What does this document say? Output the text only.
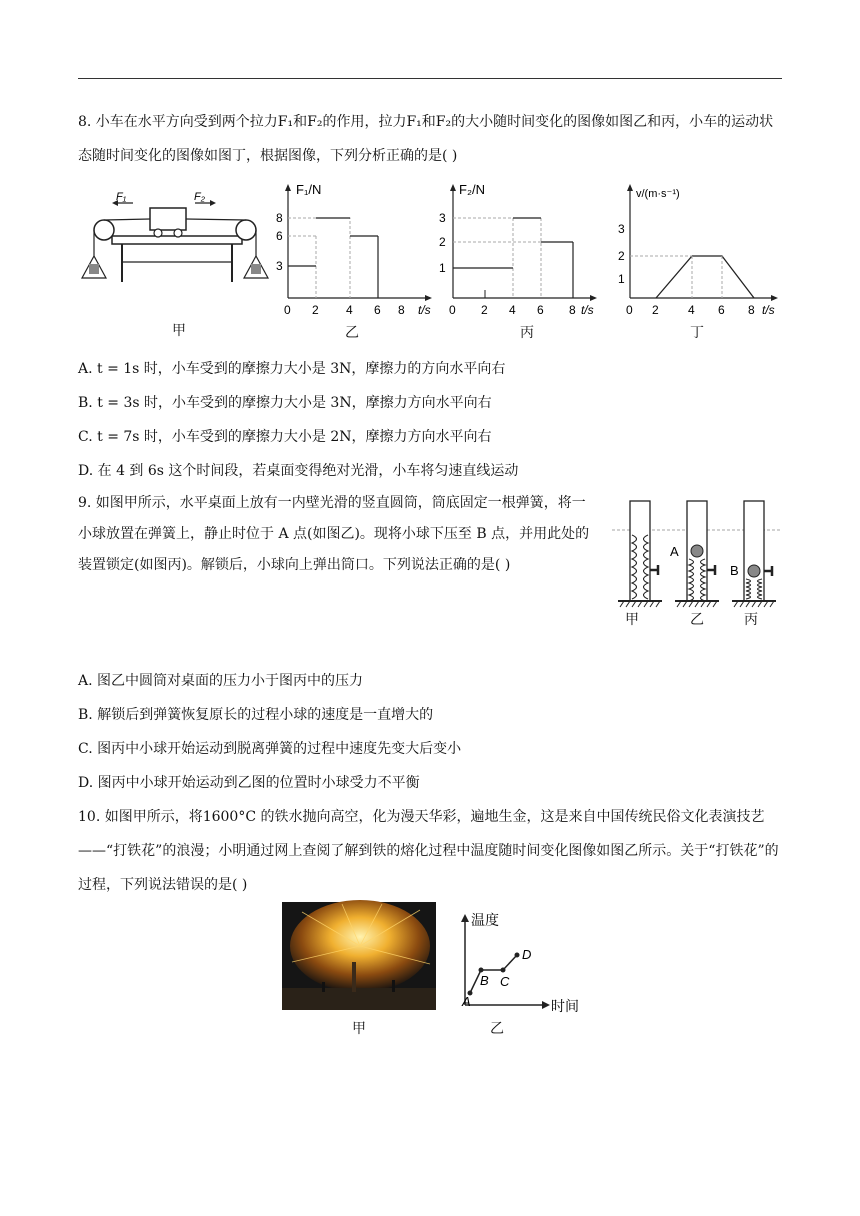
8. 小车在水平方向受到两个拉力F₁和F₂的作用，拉力F₁和F₂的大小随时间变化的图像如图乙和丙，小车的运动状态随时间变化的图像如图丁，根据图像，下列分析正确的是( )

F₁	F₂
甲
F₁/N
8
6
3
0 2 4 6 8 t/s
乙
F₂/N
3
2
1
0 2 4 6 8 t/s
丙
v/(m·s⁻¹)
3
2
1
0 2 4 6 8 t/s
丁
A. t = 1s 时，小车受到的摩擦力大小是 3N，摩擦力的方向水平向右
B. t = 3s 时，小车受到的摩擦力大小是 3N，摩擦力方向水平向右
C. t = 7s 时，小车受到的摩擦力大小是 2N，摩擦力方向水平向右
D. 在 4 到 6s 这个时间段，若桌面变得绝对光滑，小车将匀速直线运动

9. 如图甲所示，水平桌面上放有一内壁光滑的竖直圆筒，筒底固定一根弹簧，将一小球放置在弹簧上，静止时位于 A 点(如图乙)。现将小球下压至 B 点，并用此处的装置锁定(如图丙)。解锁后，小球向上弹出筒口。下列说法正确的是( )

A
B
甲	乙	丙
A. 图乙中圆筒对桌面的压力小于图丙中的压力
B. 解锁后到弹簧恢复原长的过程小球的速度是一直增大的
C. 图丙中小球开始运动到脱离弹簧的过程中速度先变大后变小
D. 图丙中小球开始运动到乙图的位置时小球受力不平衡

10. 如图甲所示，将1600°C 的铁水抛向高空，化为漫天华彩，遍地生金，这是来自中国传统民俗文化表演技艺——“打铁花”的浪漫；小明通过网上查阅了解到铁的熔化过程中温度随时间变化图像如图乙所示。关于“打铁花”的过程，下列说法错误的是( )

甲
温度
时间
A
B C
D
乙
